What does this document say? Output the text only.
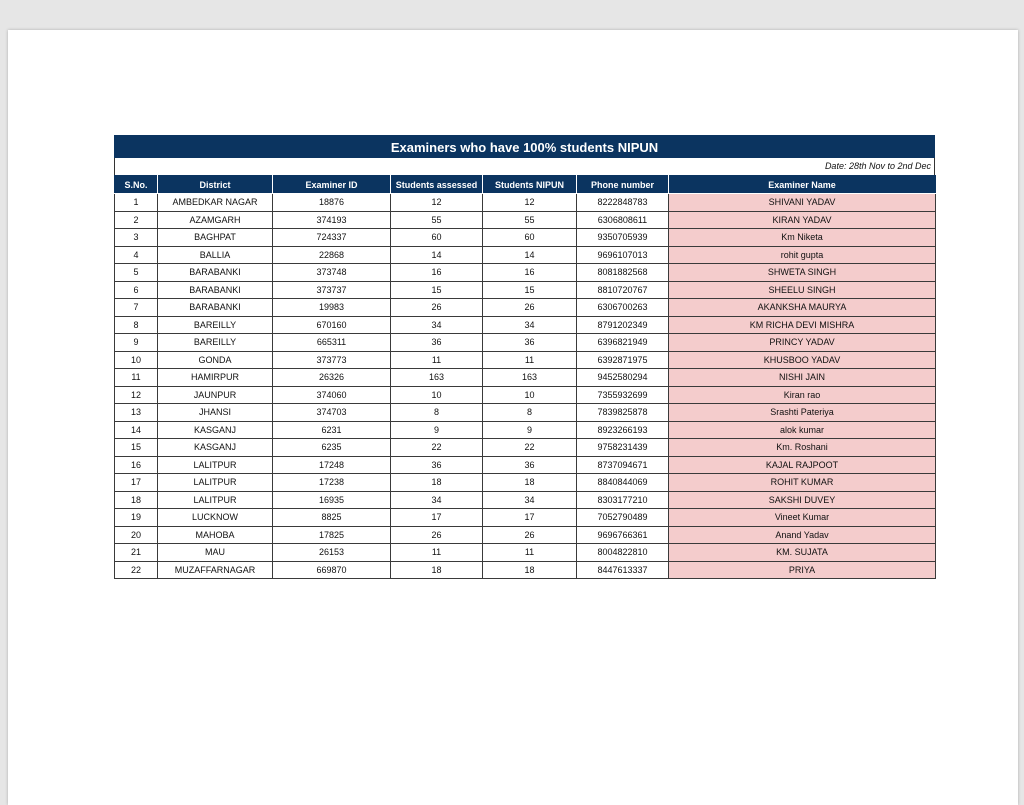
Examiners who have 100% students NIPUN
Date: 28th Nov to 2nd Dec
S.No.	District	Examiner ID	Students assessed	Students NIPUN	Phone number	Examiner Name
1	AMBEDKAR NAGAR	18876	12	12	8222848783	SHIVANI YADAV
2	AZAMGARH	374193	55	55	6306808611	KIRAN YADAV
3	BAGHPAT	724337	60	60	9350705939	Km Niketa
4	BALLIA	22868	14	14	9696107013	rohit gupta
5	BARABANKI	373748	16	16	8081882568	SHWETA SINGH
6	BARABANKI	373737	15	15	8810720767	SHEELU SINGH
7	BARABANKI	19983	26	26	6306700263	AKANKSHA MAURYA
8	BAREILLY	670160	34	34	8791202349	KM RICHA DEVI MISHRA
9	BAREILLY	665311	36	36	6396821949	PRINCY YADAV
10	GONDA	373773	11	11	6392871975	KHUSBOO YADAV
11	HAMIRPUR	26326	163	163	9452580294	NISHI JAIN
12	JAUNPUR	374060	10	10	7355932699	Kiran rao
13	JHANSI	374703	8	8	7839825878	Srashti Pateriya
14	KASGANJ	6231	9	9	8923266193	alok kumar
15	KASGANJ	6235	22	22	9758231439	Km. Roshani
16	LALITPUR	17248	36	36	8737094671	KAJAL RAJPOOT
17	LALITPUR	17238	18	18	8840844069	ROHIT KUMAR
18	LALITPUR	16935	34	34	8303177210	SAKSHI DUVEY
19	LUCKNOW	8825	17	17	7052790489	Vineet Kumar
20	MAHOBA	17825	26	26	9696766361	Anand Yadav
21	MAU	26153	11	11	8004822810	KM. SUJATA
22	MUZAFFARNAGAR	669870	18	18	8447613337	PRIYA
